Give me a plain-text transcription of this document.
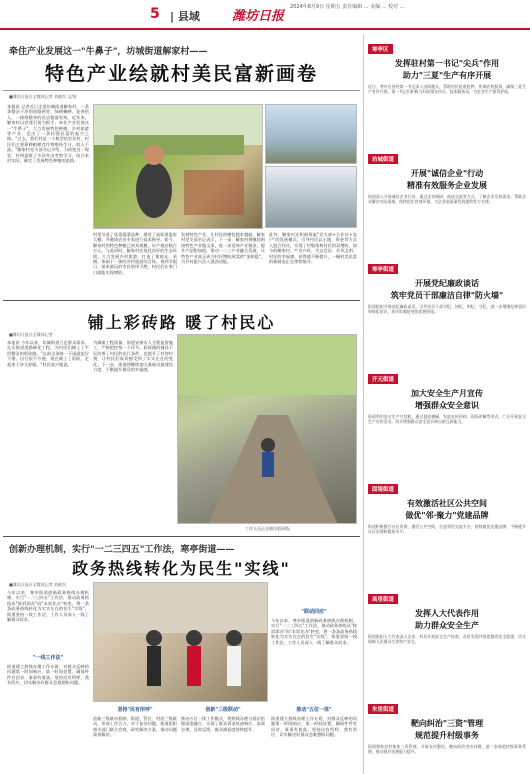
5 | 县域 潍坊日报
2024年8月9日 星期五 责任编辑 ... 美编 ... 校对 ...
牵住产业发展这一"牛鼻子"，坊城街道解家村——
特色产业绘就村美民富新画卷
■潍坊日报社全媒体记者 刘晓杰 文/图
本报讯 记者近日走进坊城街道解家村，一条条整洁干净的道路两旁，绿树掩映、花香怡人，一排排整齐的民居错落有致。近年来，解家村以党建引领为抓手，牵住产业发展这一"牛鼻子"，大力发展特色种植、乡村旅游等产业，走出了一条村强民富的振兴之路。"过去，我们村是一个典型的农业村，村民们主要靠种植粮食作物维持生计，收入不高。"解家村党支部书记介绍，为改变这一现状，村两委班子多次外出考察学习，结合本村实际，确定了发展特色种植的思路。
村里引进了优质蔬菜品种，建设了高标准温室大棚，并邀请农业专家进行技术指导。如今，解家村的特色种植已初具规模，年产值达数百万元。与此同时，解家村还依托良好的生态环境，大力发展乡村旅游，打造了集观光、采摘、休闲于一体的乡村旅游综合体。每到节假日，前来游玩的市民络绎不绝，村民们在家门口就能实现增收。
发展特色产业，让村民的腰包越来越鼓。解家村党支部书记表示，下一步，解家村将继续围绕特色产业做文章，进一步延伸产业链条，提升产品附加值，推动一二三产业融合发展，让特色产业真正成为村民增收致富的"金钥匙"，为乡村振兴注入强劲动能。
此外，解家村还积极探索"党支部+合作社+农户"的发展模式，引导村民以土地、资金等方式入股合作社，实现了村集体和村民的双增收。如今的解家村，产业兴旺、生态宜居、乡风文明，村民的幸福感、获得感不断提升，一幅村美民富的新画卷正在徐徐展开。
铺上彩砖路 暖了村民心
■潍坊日报社全媒体记者
本报讯 今年以来，坊城街道立足群众需求，扎实推进道路硬化工程，为村民们铺上了平坦整洁的彩砖路。"以前这条路一下雨就泥泞不堪，出行很不方便，现在铺上了彩砖，走起来干净又舒服。"村民高兴地说。
为确保工程质量，街道安排专人全程监督施工，严格把控每一个环节。彩砖路的铺设不仅改善了村民的出行条件，也提升了村容村貌，让村民们真切感受到了实实在在的变化。下一步，街道将继续加大基础设施建设力度，不断提升群众的幸福感。
工作人员正在铺设彩砖路。
创新办理机制，实行"一二三四五"工作法，寒亭街道——
政务热线转化为民生"实线"
■潍坊日报社全媒体记者 刘晓杰
今年以来，寒亭街道创新政务热线办理机制，实行"一二三四五"工作法，推动政务热线从"接诉即办"向"未诉先办"转变，将一条条政务热线转化为实实在在的民生"实线"。街道坚持一线工作法，工作人员深入一线了解群众诉求。
"一线工作法"
街道建立热线办理工作专班，对群众反映的问题第一时间响应、第一时间处置，确保件件有回音、事事有着落。坚持民有所呼、我有所应，切实解决好群众急难愁盼问题。
坚持"民有所呼"
创新三级联动机制，街道、管区、村居三级联动，形成工作合力。对于复杂问题，街道组织相关部门联合会商，研究解决方案，推动问题高效解决。
创新"三级联动"
推动五位一体工作模式，将热线办理与基层治理深度融合，实现了群众诉求快速响应、高效办理、及时反馈，群众满意度持续提升。
"联动回应"
今年以来，寒亭街道创新政务热线办理机制，实行"一二三四五"工作法，推动政务热线从"接诉即办"向"未诉先办"转变，将一条条政务热线转化为实实在在的民生"实线"。街道坚持一线工作法，工作人员深入一线了解群众诉求。
推动"五位一体"
街道建立热线办理工作专班，对群众反映的问题第一时间响应、第一时间处置，确保件件有回音、事事有着落。坚持民有所呼、我有所应，切实解决好群众急难愁盼问题。
寒亭区
发挥驻村第一书记"尖兵"作用
助力"三夏"生产有序开展
近日，寒亭区驻村第一书记深入田间地头，帮助村民抢收抢种，协调农机服务，确保三夏生产有序开展。第一书记们积极当好政策宣传员、技术服务员，为农业生产保驾护航。
坊城街道
开展"诚信企业"行动
精准有效服务企业发展
街道深入开展诚信企业行动，通过走访调研、座谈交流等方式，了解企业发展需求，帮助企业解决实际困难，持续优化营商环境，为企业高质量发展提供有力支撑。
寒亭街道
开展党纪廉政谈话
筑牢党员干部廉洁自律"防火墙"
街道组织开展党纪廉政谈话，引导党员干部学纪、知纪、明纪、守纪，进一步增强纪律意识和规矩意识，筑牢拒腐防变的思想防线。
开元街道
加大安全生产月宣传
增强群众安全意识
街道利用安全生产月契机，通过悬挂横幅、发放宣传资料、现场讲解等形式，广泛开展安全生产宣传活动，切实增强群众安全意识和自救互救能力。
固堤街道
有效激活社区公共空间
做优"邻·聚力"党建品牌
街道积极整合社区资源，激活公共空间，打造邻里交流平台，持续做优党建品牌，不断提升社区治理和服务水平。
高里街道
发挥人大代表作用
助力群众安全生产
街道组织人大代表深入企业、村居开展安全生产检查，及时发现并督促整改安全隐患，切实保障人民群众生命财产安全。
朱里街道
靶向纠治"三资"管理
规范提升村级事务
街道聚焦农村集体三资管理，开展专项整治，靶向纠治突出问题，进一步规范村级事务管理，推动基层治理能力提升。
